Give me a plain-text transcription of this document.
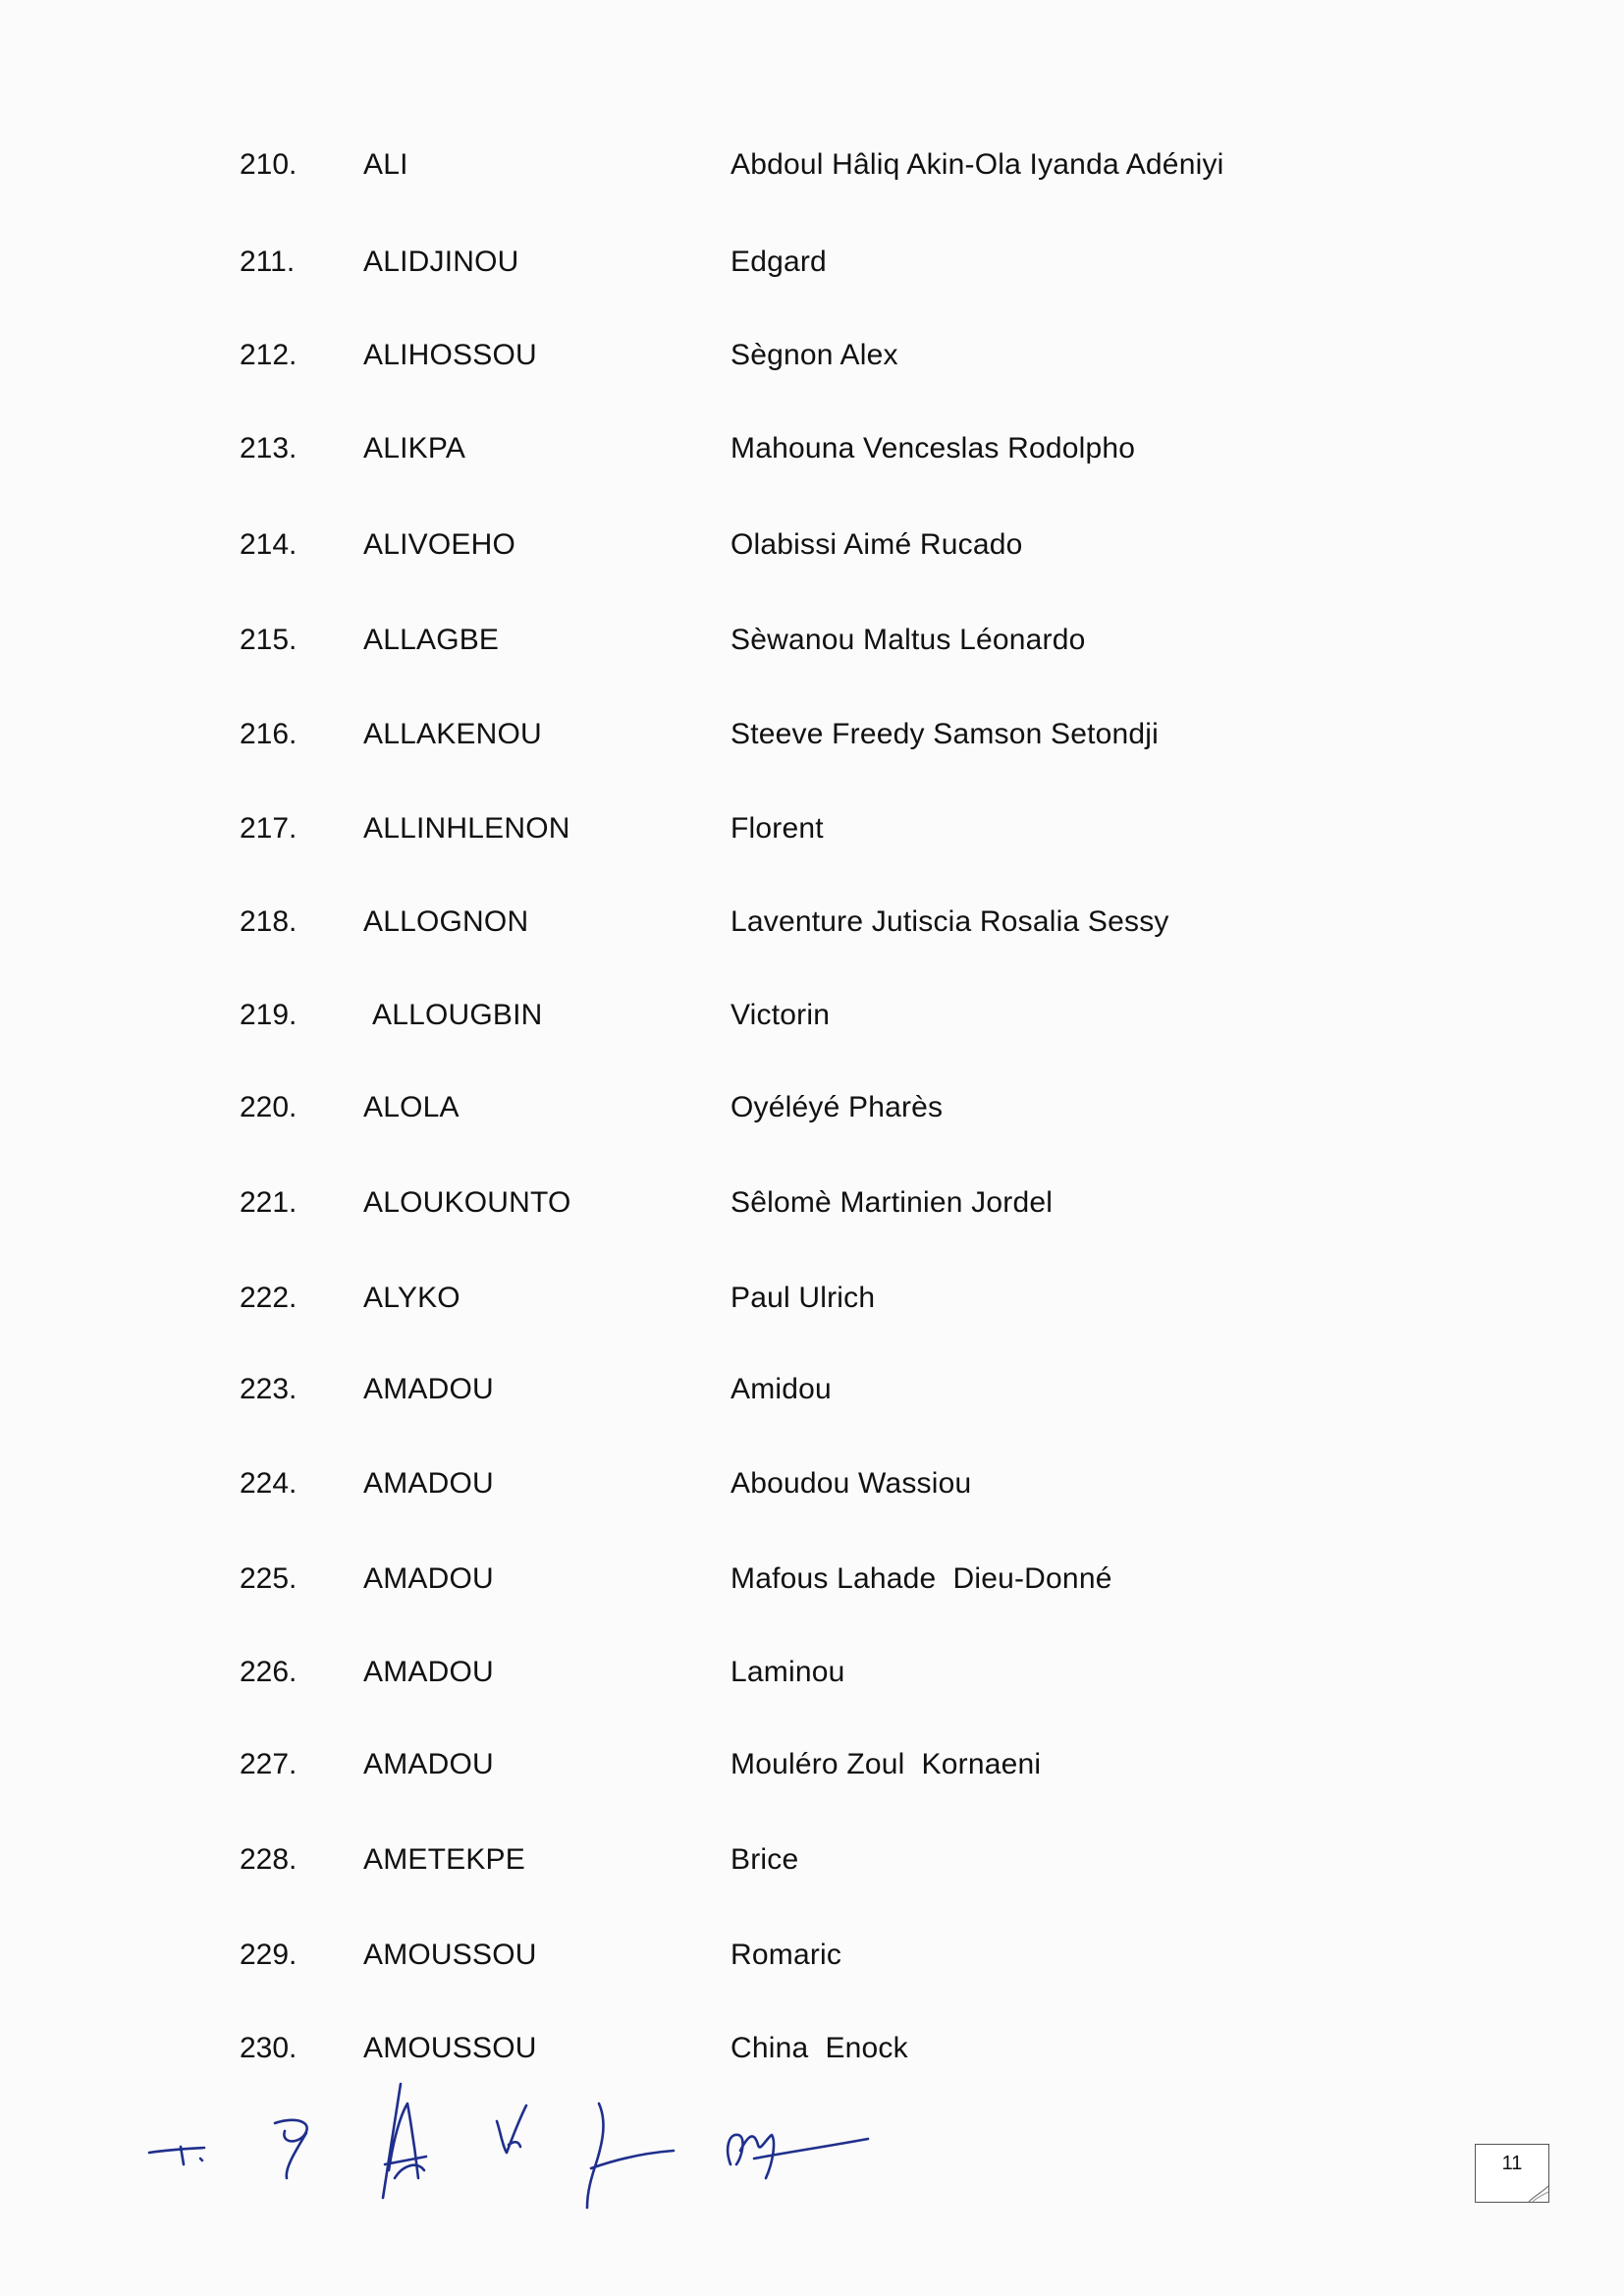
210. ALI	Abdoul Hâliq Akin-Ola Iyanda Adéniyi
211. ALIDJINOU	Edgard
212. ALIHOSSOU	Sègnon Alex
213. ALIKPA	Mahouna Venceslas Rodolpho
214. ALIVOEHO	Olabissi Aimé Rucado
215. ALLAGBE	Sèwanou Maltus Léonardo
216. ALLAKENOU	Steeve Freedy Samson Setondji
217. ALLINHLENON	Florent
218. ALLOGNON	Laventure Jutiscia Rosalia Sessy
219.	ALLOUGBIN	Victorin
220. ALOLA	Oyéléyé Pharès
221. ALOUKOUNTO	Sêlomè Martinien Jordel
222. ALYKO	Paul Ulrich
223. AMADOU	Amidou
224. AMADOU	Aboudou Wassiou
225. AMADOU	Mafous Lahade  Dieu-Donné
226. AMADOU	Laminou
227. AMADOU	Mouléro Zoul  Kornaeni
228. AMETEKPE	Brice
229. AMOUSSOU	Romaric
230. AMOUSSOU	China  Enock
11
